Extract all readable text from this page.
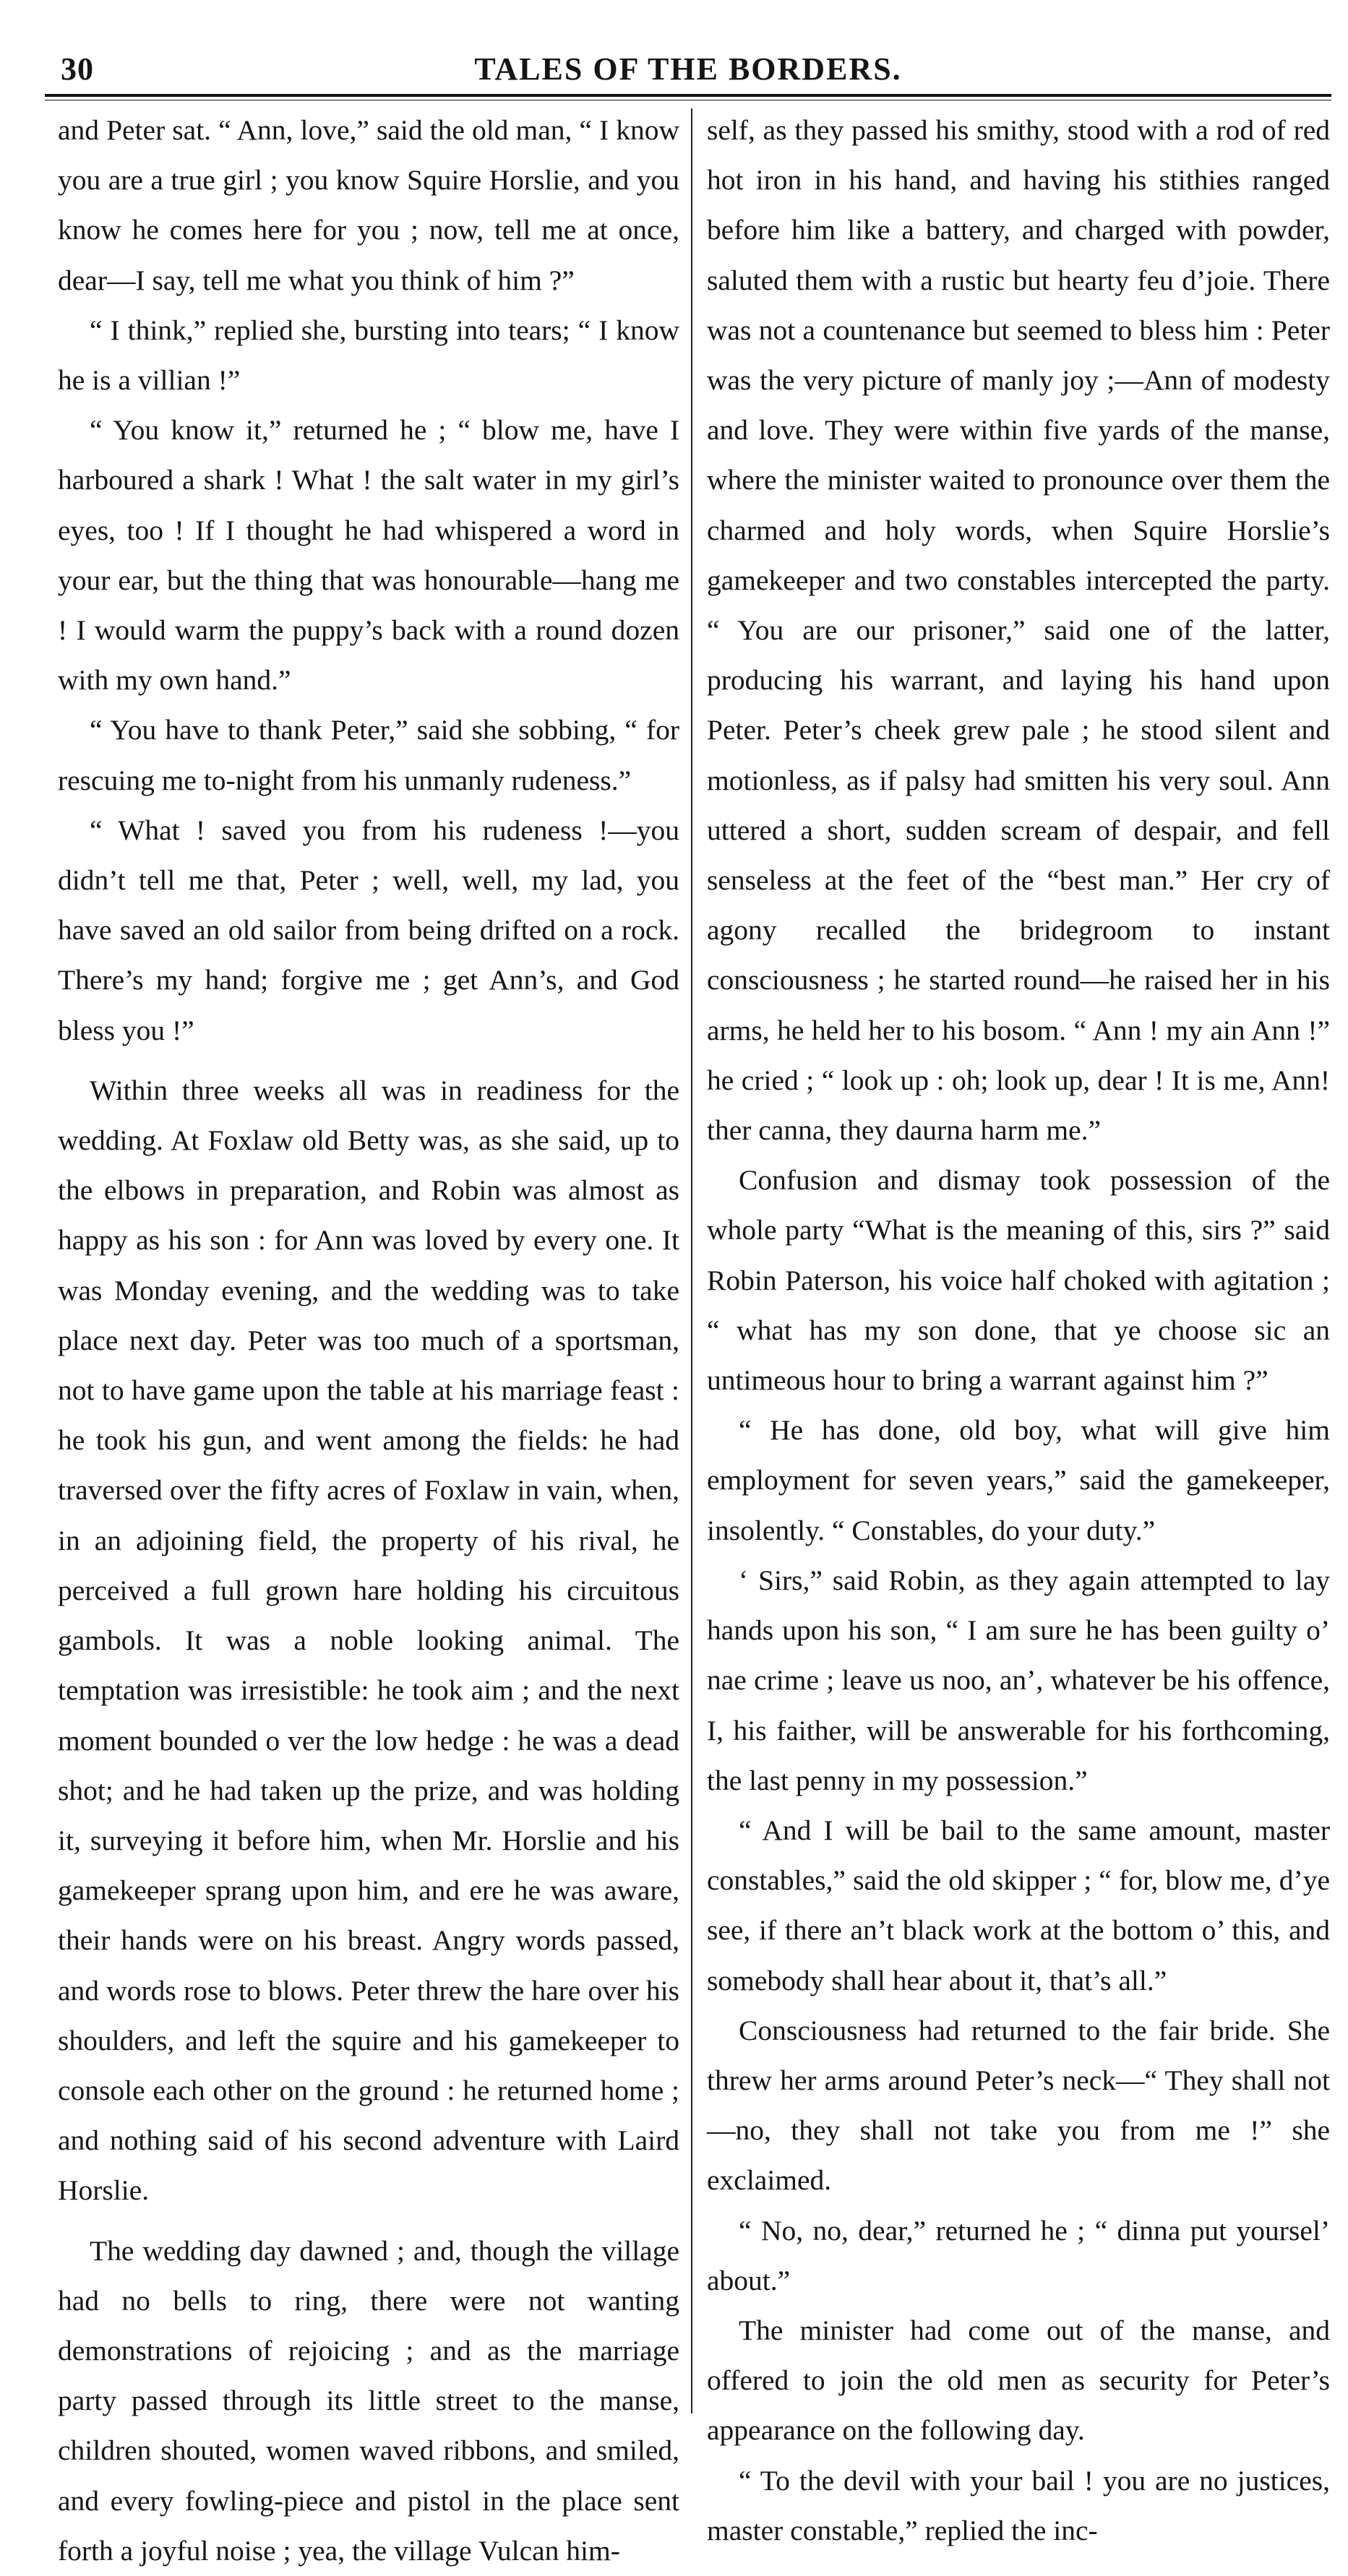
30	TALES OF THE BORDERS.

and Peter sat. “ Ann, love,” said the old man, “ I know you are a true girl ; you know Squire Horslie, and you know he comes here for you ; now, tell me at once, dear—I say, tell me what you think of him ?”

“ I think,” replied she, bursting into tears; “ I know he is a villian !”

“ You know it,” returned he ; “ blow me, have I harboured a shark ! What ! the salt water in my girl’s eyes, too ! If I thought he had whispered a word in your ear, but the thing that was honourable—hang me ! I would warm the puppy’s back with a round dozen with my own hand.”

“ You have to thank Peter,” said she sobbing, “ for rescuing me to-night from his unmanly rudeness.”

“ What ! saved you from his rudeness !—you didn’t tell me that, Peter ; well, well, my lad, you have saved an old sailor from being drifted on a rock. There’s my hand; forgive me ; get Ann’s, and God bless you !”

Within three weeks all was in readiness for the wedding. At Foxlaw old Betty was, as she said, up to the elbows in preparation, and Robin was almost as happy as his son : for Ann was loved by every one. It was Monday evening, and the wedding was to take place next day. Peter was too much of a sportsman, not to have game upon the table at his marriage feast : he took his gun, and went among the fields: he had traversed over the fifty acres of Foxlaw in vain, when, in an adjoining field, the property of his rival, he perceived a full grown hare holding his circuitous gambols. It was a noble looking animal. The temptation was irresistible: he took aim ; and the next moment bounded o ver the low hedge : he was a dead shot; and he had taken up the prize, and was holding it, surveying it before him, when Mr. Horslie and his gamekeeper sprang upon him, and ere he was aware, their hands were on his breast. Angry words passed, and words rose to blows. Peter threw the hare over his shoulders, and left the squire and his gamekeeper to console each other on the ground : he returned home ; and nothing said of his second adventure with Laird Horslie.

The wedding day dawned ; and, though the village had no bells to ring, there were not wanting demonstrations of rejoicing ; and as the marriage party passed through its little street to the manse, children shouted, women waved ribbons, and smiled, and every fowling-piece and pistol in the place sent forth a joyful noise ; yea, the village Vulcan him-

self, as they passed his smithy, stood with a rod of red hot iron in his hand, and having his stithies ranged before him like a battery, and charged with powder, saluted them with a rustic but hearty feu d’joie. There was not a countenance but seemed to bless him : Peter was the very picture of manly joy ;—Ann of modesty and love. They were within five yards of the manse, where the minister waited to pronounce over them the charmed and holy words, when Squire Horslie’s gamekeeper and two constables intercepted the party. “ You are our prisoner,” said one of the latter, producing his warrant, and laying his hand upon Peter. Peter’s cheek grew pale ; he stood silent and motionless, as if palsy had smitten his very soul. Ann uttered a short, sudden scream of despair, and fell senseless at the feet of the “best man.” Her cry of agony recalled the bridegroom to instant consciousness ; he started round—he raised her in his arms, he held her to his bosom. “ Ann ! my ain Ann !” he cried ; “ look up : oh; look up, dear ! It is me, Ann! ther canna, they daurna harm me.”

Confusion and dismay took possession of the whole party “What is the meaning of this, sirs ?” said Robin Paterson, his voice half choked with agitation ; “ what has my son done, that ye choose sic an untimeous hour to bring a warrant against him ?”

“ He has done, old boy, what will give him employment for seven years,” said the gamekeeper, insolently. “ Constables, do your duty.”

‘ Sirs,” said Robin, as they again attempted to lay hands upon his son, “ I am sure he has been guilty o’ nae crime ; leave us noo, an’, whatever be his offence, I, his faither, will be answerable for his forthcoming, the last penny in my possession.”

“ And I will be bail to the same amount, master constables,” said the old skipper ; “ for, blow me, d’ye see, if there an’t black work at the bottom o’ this, and somebody shall hear about it, that’s all.”

Consciousness had returned to the fair bride. She threw her arms around Peter’s neck—“ They shall not—no, they shall not take you from me !” she exclaimed.

“ No, no, dear,” returned he ; “ dinna put yoursel’ about.”

The minister had come out of the manse, and offered to join the old men as security for Peter’s appearance on the following day.

“ To the devil with your bail ! you are no justices, master constable,” replied the inc-
